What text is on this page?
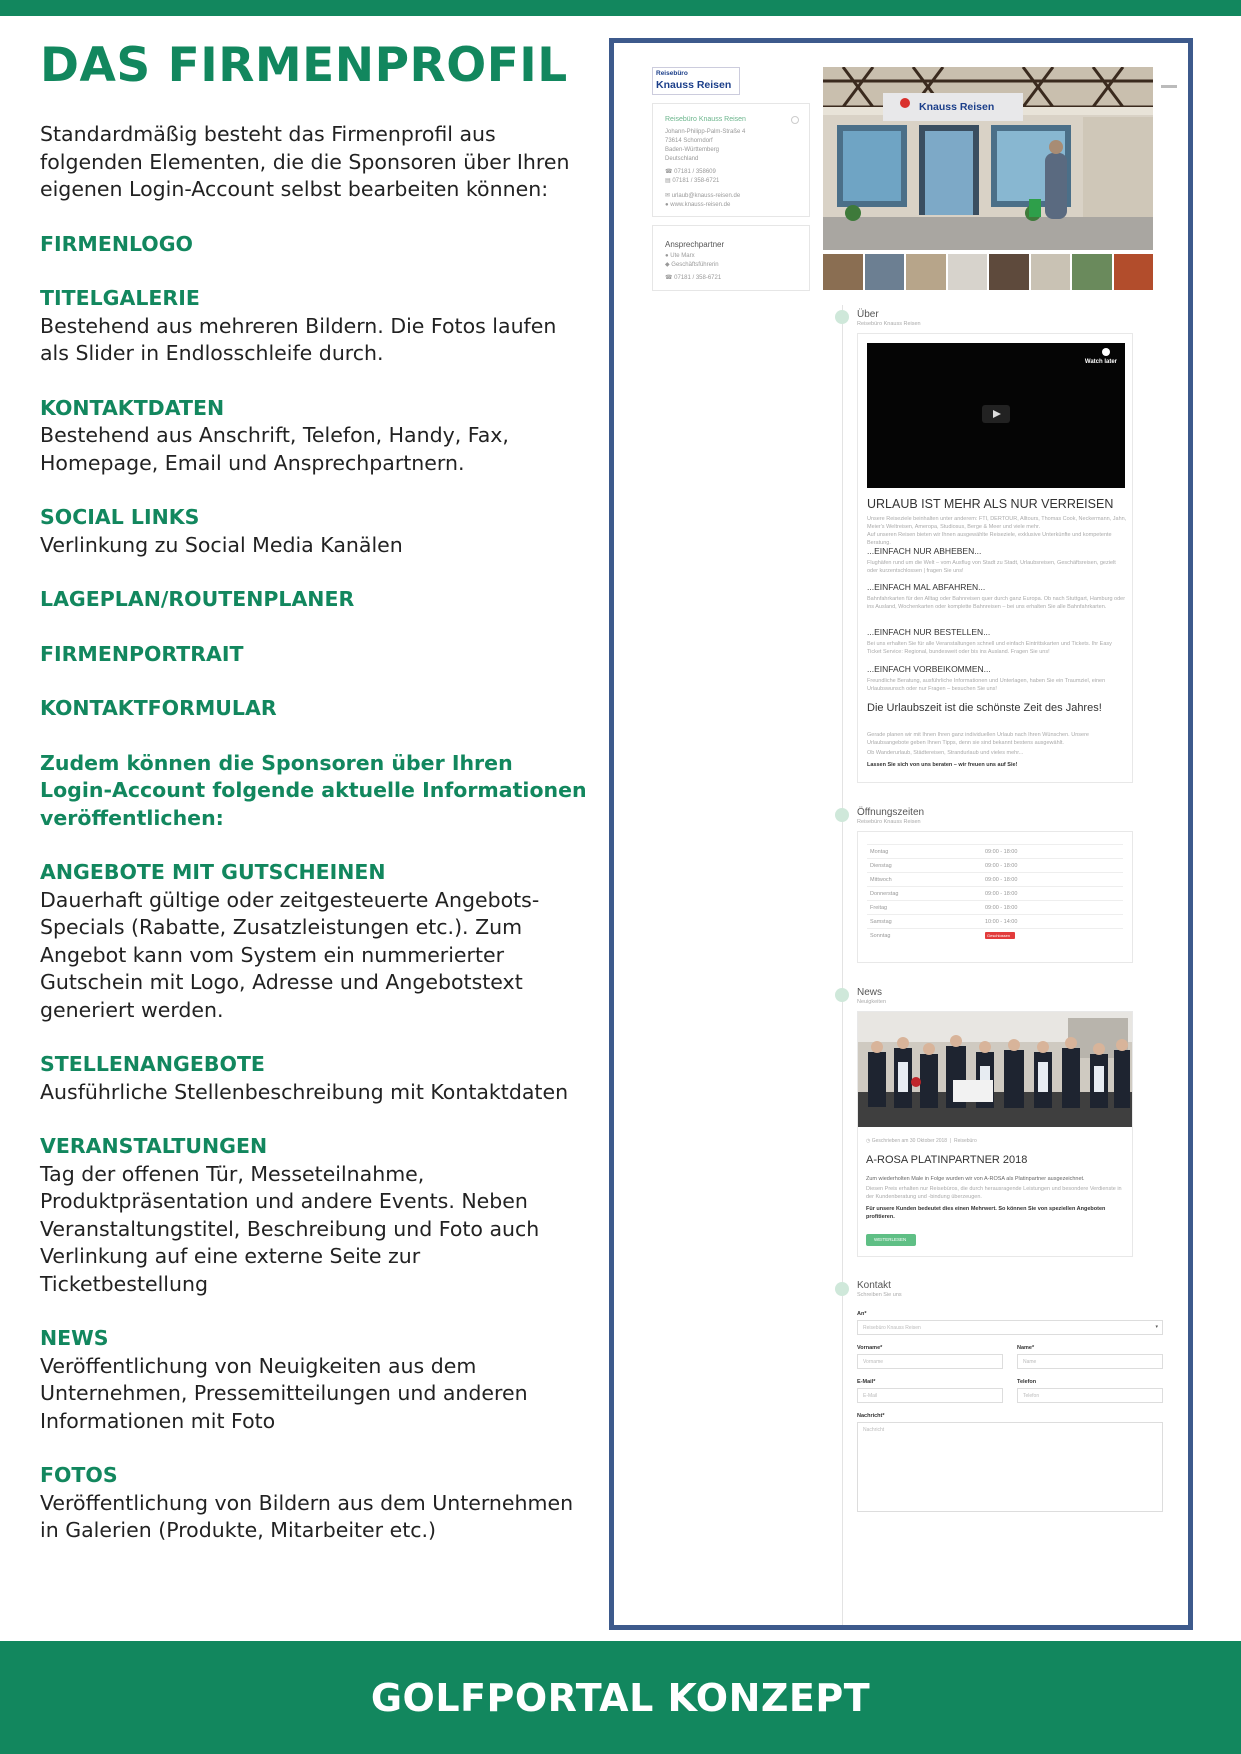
DAS FIRMENPROFIL

Standardmäßig besteht das Firmenprofil aus folgenden Elementen, die die Sponsoren über Ihren eigenen Login-Account selbst bearbeiten können:

FIRMENLOGO
TITELGALERIE
Bestehend aus mehreren Bildern. Die Fotos laufen als Slider in Endlosschleife durch.
KONTAKTDATEN
Bestehend aus Anschrift, Telefon, Handy, Fax, Homepage, Email und Ansprechpartnern.
SOCIAL LINKS
Verlinkung zu Social Media Kanälen
LAGEPLAN/ROUTENPLANER
FIRMENPORTRAIT
KONTAKTFORMULAR
Zudem können die Sponsoren über Ihren Login-Account folgende aktuelle Informationen veröffentlichen:
ANGEBOTE MIT GUTSCHEINEN
Dauerhaft gültige oder zeitgesteuerte Angebots-Specials (Rabatte, Zusatzleistungen etc.). Zum Angebot kann vom System ein nummerierter Gutschein mit Logo, Adresse und Angebotstext generiert werden.
STELLENANGEBOTE
Ausführliche Stellenbeschreibung mit Kontaktdaten
VERANSTALTUNGEN
Tag der offenen Tür, Messeteilnahme, Produktpräsentation und andere Events. Neben Veranstaltungstitel, Beschreibung und Foto auch Verlinkung auf eine externe Seite zur Ticketbestellung
NEWS
Veröffentlichung von Neuigkeiten aus dem Unternehmen, Pressemitteilungen und anderen Informationen mit Foto
FOTOS
Veröffentlichung von Bildern aus dem Unternehmen in Galerien (Produkte, Mitarbeiter etc.)
Reisebüro
Knauss Reisen
Reisebüro Knauss Reisen
Johann-Philipp-Palm-Straße 4
73614 Schorndorf
Baden-Württemberg
Deutschland
☎ 07181 / 358609
▤ 07181 / 358-6721
✉ urlaub@knauss-reisen.de
● www.knauss-reisen.de
Ansprechpartner
● Ute Marx
◆ Geschäftsführerin
☎ 07181 / 358-6721
Knauss Reisen
Über
Reisebüro Knauss Reisen
Watch later
URLAUB IST MEHR ALS NUR VERREISEN
Unsere Reiseziele beinhalten unter anderem: FTI, DERTOUR, Alltours, Thomas Cook, Neckermann, Jahn, Meier's Weltreisen, Ameropa, Studiosus, Berge & Meer und viele mehr.
Auf unseren Reisen bieten wir Ihnen ausgewählte Reiseziele, exklusive Unterkünfte und kompetente Beratung.
...EINFACH NUR ABHEBEN...
Flughäfen rund um die Welt – vom Ausflug von Stadt zu Stadt, Urlaubsreisen, Geschäftsreisen, gezielt oder kurzentschlossen | fragen Sie uns!
...EINFACH MAL ABFAHREN...
Bahnfahrkarten für den Alltag oder Bahnreisen quer durch ganz Europa. Ob nach Stuttgart, Hamburg oder ins Ausland, Wochenkarten oder komplette Bahnreisen – bei uns erhalten Sie alle Bahnfahrkarten.
...EINFACH NUR BESTELLEN...
Bei uns erhalten Sie für alle Veranstaltungen schnell und einfach Eintrittskarten und Tickets. Ihr Easy Ticket Service: Regional, bundesweit oder bis ins Ausland. Fragen Sie uns!
...EINFACH VORBEIKOMMEN...
Freundliche Beratung, ausführliche Informationen und Unterlagen, haben Sie ein Traumziel, einen Urlaubswunsch oder nur Fragen – besuchen Sie uns!
Die Urlaubszeit ist die schönste Zeit des Jahres!
Gerade planen wir mit Ihnen Ihren ganz individuellen Urlaub nach Ihren Wünschen. Unsere Urlaubsangebote geben Ihnen Tipps, denn sie sind bekannt bestens ausgewählt.
Ob Wanderurlaub, Städtereisen, Strandurlaub und vieles mehr...
Lassen Sie sich von uns beraten – wir freuen uns auf Sie!
Öffnungszeiten
Reisebüro Knauss Reisen
Montag	09:00 - 18:00
Dienstag	09:00 - 18:00
Mittwoch	09:00 - 18:00
Donnerstag	09:00 - 18:00
Freitag	09:00 - 18:00
Samstag	10:00 - 14:00
Sonntag	Geschlossen
News
Neuigkeiten
◷ Geschrieben am 30 Oktober 2018  |  Reisebüro
A-ROSA PLATINPARTNER 2018
Zum wiederholten Male in Folge wurden wir von A-ROSA als Platinpartner ausgezeichnet.
Diesen Preis erhalten nur Reisebüros, die durch herausragende Leistungen und besondere Verdienste in der Kundenberatung und -bindung überzeugen.
Für unsere Kunden bedeutet dies einen Mehrwert. So können Sie von speziellen Angeboten profitieren.
WEITERLESEN
Kontakt
Schreiben Sie uns
An*
Reisebüro Knauss Reisen	▾
Vorname*
Vorname
Name*
Name
E-Mail*
E-Mail
Telefon
Telefon
Nachricht*
Nachricht
GOLFPORTAL KONZEPT
